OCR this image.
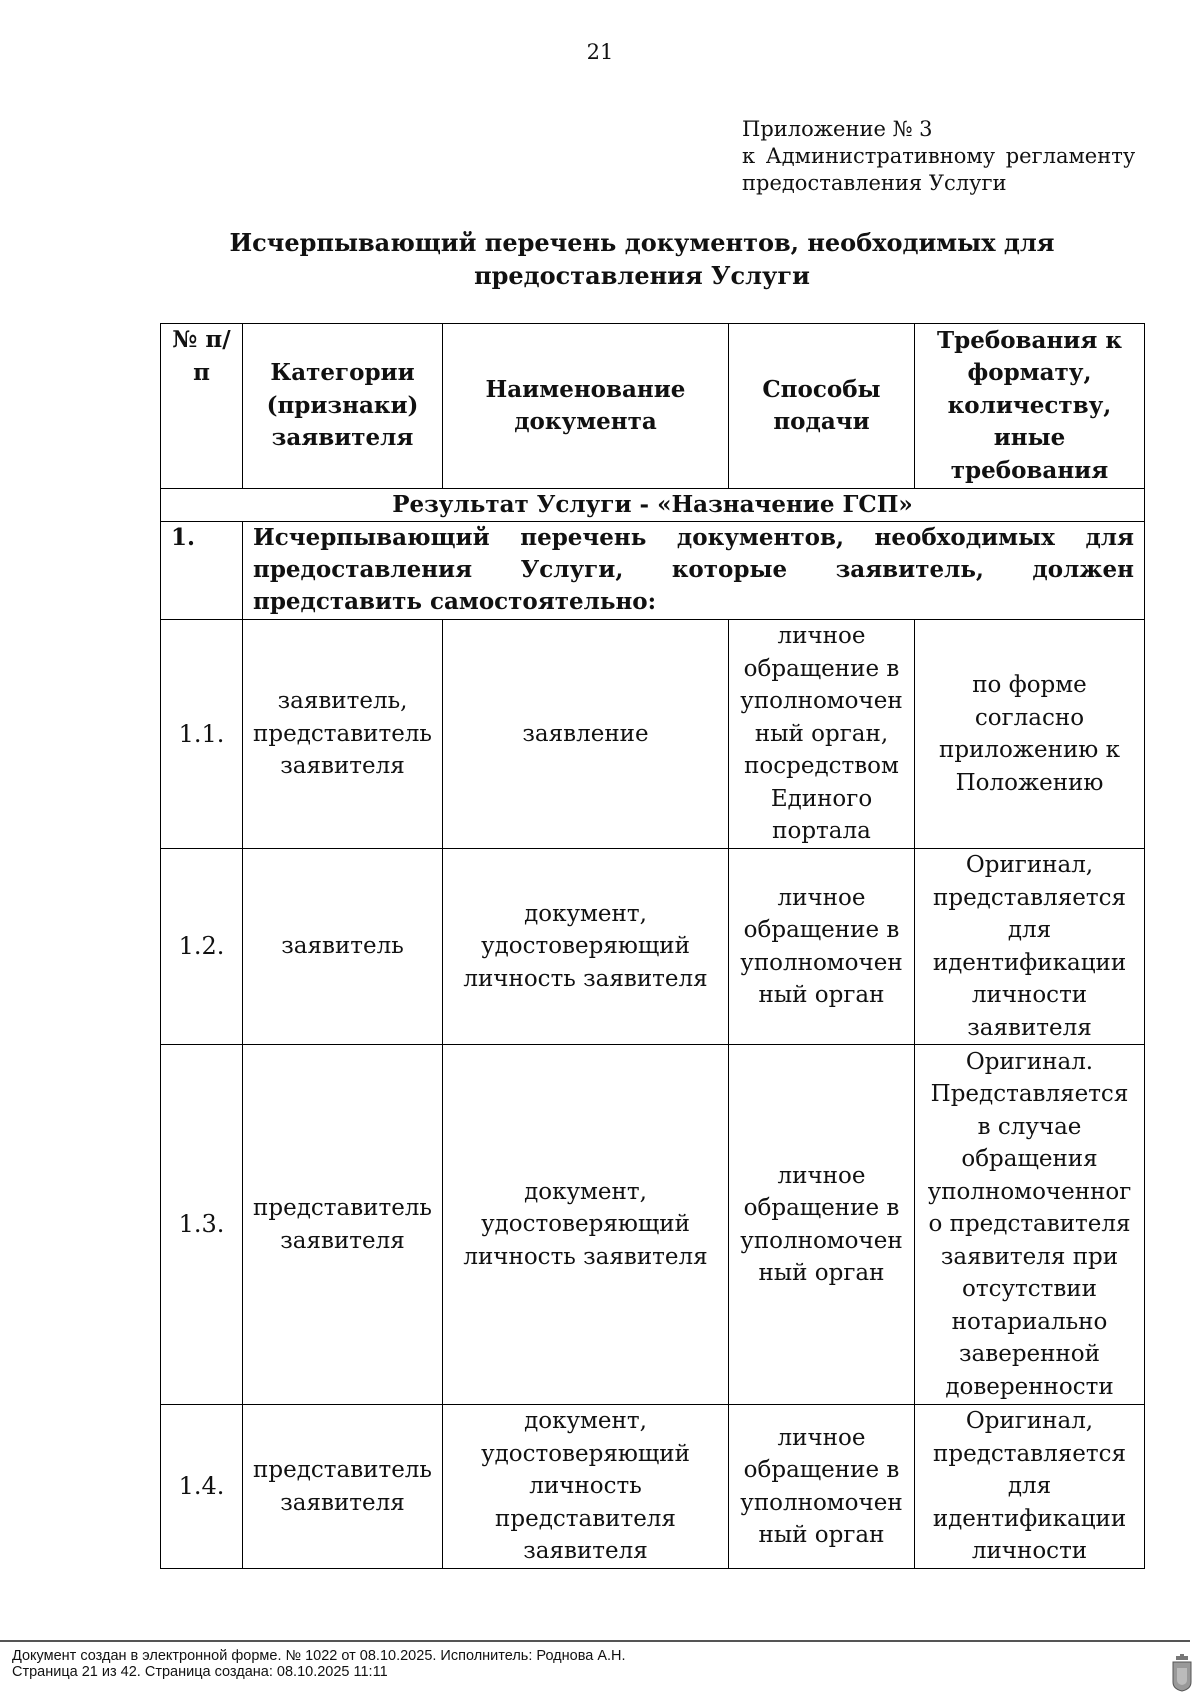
21
Приложение № 3
к Административному регламенту
предоставления Услуги
Исчерпывающий перечень документов, необходимых для
предоставления Услуги
№ п/п	Категории (признаки) заявителя	Наименование документа	Способы подачи	Требования к формату, количеству, иные требования
Результат Услуги - «Назначение ГСП»				
1.	Исчерпывающий перечень документов, необходимых для предоставления Услуги, которые заявитель, должен представить самостоятельно:			
1.1.	заявитель, представитель заявителя	заявление	личное обращение в уполномочен ный орган, посредством Единого портала	по форме согласно приложению к Положению
1.2.	заявитель	документ, удостоверяющий личность заявителя	личное обращение в уполномочен ный орган	Оригинал, представляется для идентификации личности заявителя
1.3.	представитель заявителя	документ, удостоверяющий личность заявителя	личное обращение в уполномочен ный орган	Оригинал. Представляется в случае обращения уполномоченног о представителя заявителя при отсутствии нотариально заверенной доверенности
1.4.	представитель заявителя	документ, удостоверяющий личность представителя заявителя	личное обращение в уполномочен ный орган	Оригинал, представляется для идентификации личности
Документ создан в электронной форме. № 1022 от 08.10.2025. Исполнитель: Роднова А.Н.
Страница 21 из 42. Страница создана: 08.10.2025 11:11
